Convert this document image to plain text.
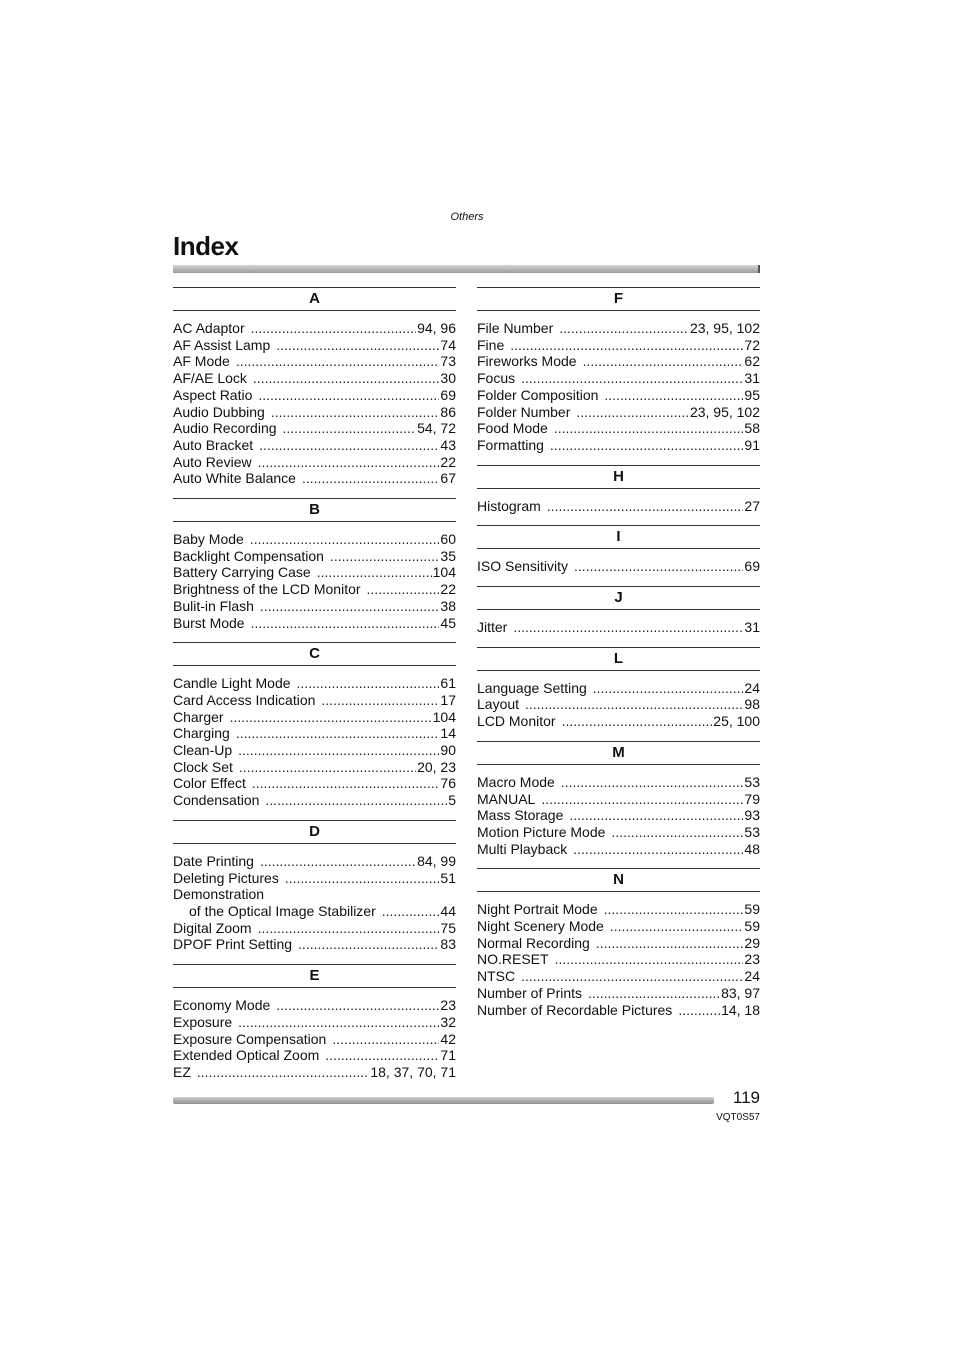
Others
Index
A
AC Adaptor .....	94, 96
AF Assist Lamp .....	74
AF Mode .....	73
AF/AE Lock .....	30
Aspect Ratio .....	69
Audio Dubbing .....	86
Audio Recording .....	54, 72
Auto Bracket .....	43
Auto Review .....	22
Auto White Balance .....	67
B
Baby Mode .....	60
Backlight Compensation .....	35
Battery Carrying Case .....	104
Brightness of the LCD Monitor .....	22
Bulit-in Flash .....	38
Burst Mode .....	45
C
Candle Light Mode .....	61
Card Access Indication .....	17
Charger .....	104
Charging .....	14
Clean-Up .....	90
Clock Set .....	20, 23
Color Effect .....	76
Condensation .....	5
D
Date Printing .....	84, 99
Deleting Pictures .....	51
Demonstration
of the Optical Image Stabilizer .....	44
Digital Zoom .....	75
DPOF Print Setting .....	83
E
Economy Mode .....	23
Exposure .....	32
Exposure Compensation .....	42
Extended Optical Zoom .....	71
EZ .....	18, 37, 70, 71
F
File Number .....	23, 95, 102
Fine .....	72
Fireworks Mode .....	62
Focus .....	31
Folder Composition .....	95
Folder Number .....	23, 95, 102
Food Mode .....	58
Formatting .....	91
H
Histogram .....	27
I
ISO Sensitivity .....	69
J
Jitter .....	31
L
Language Setting .....	24
Layout .....	98
LCD Monitor .....	25, 100
M
Macro Mode .....	53
MANUAL .....	79
Mass Storage .....	93
Motion Picture Mode .....	53
Multi Playback .....	48
N
Night Portrait Mode .....	59
Night Scenery Mode .....	59
Normal Recording .....	29
NO.RESET .....	23
NTSC .....	24
Number of Prints .....	83, 97
Number of Recordable Pictures .....	14, 18
119
VQT0S57
